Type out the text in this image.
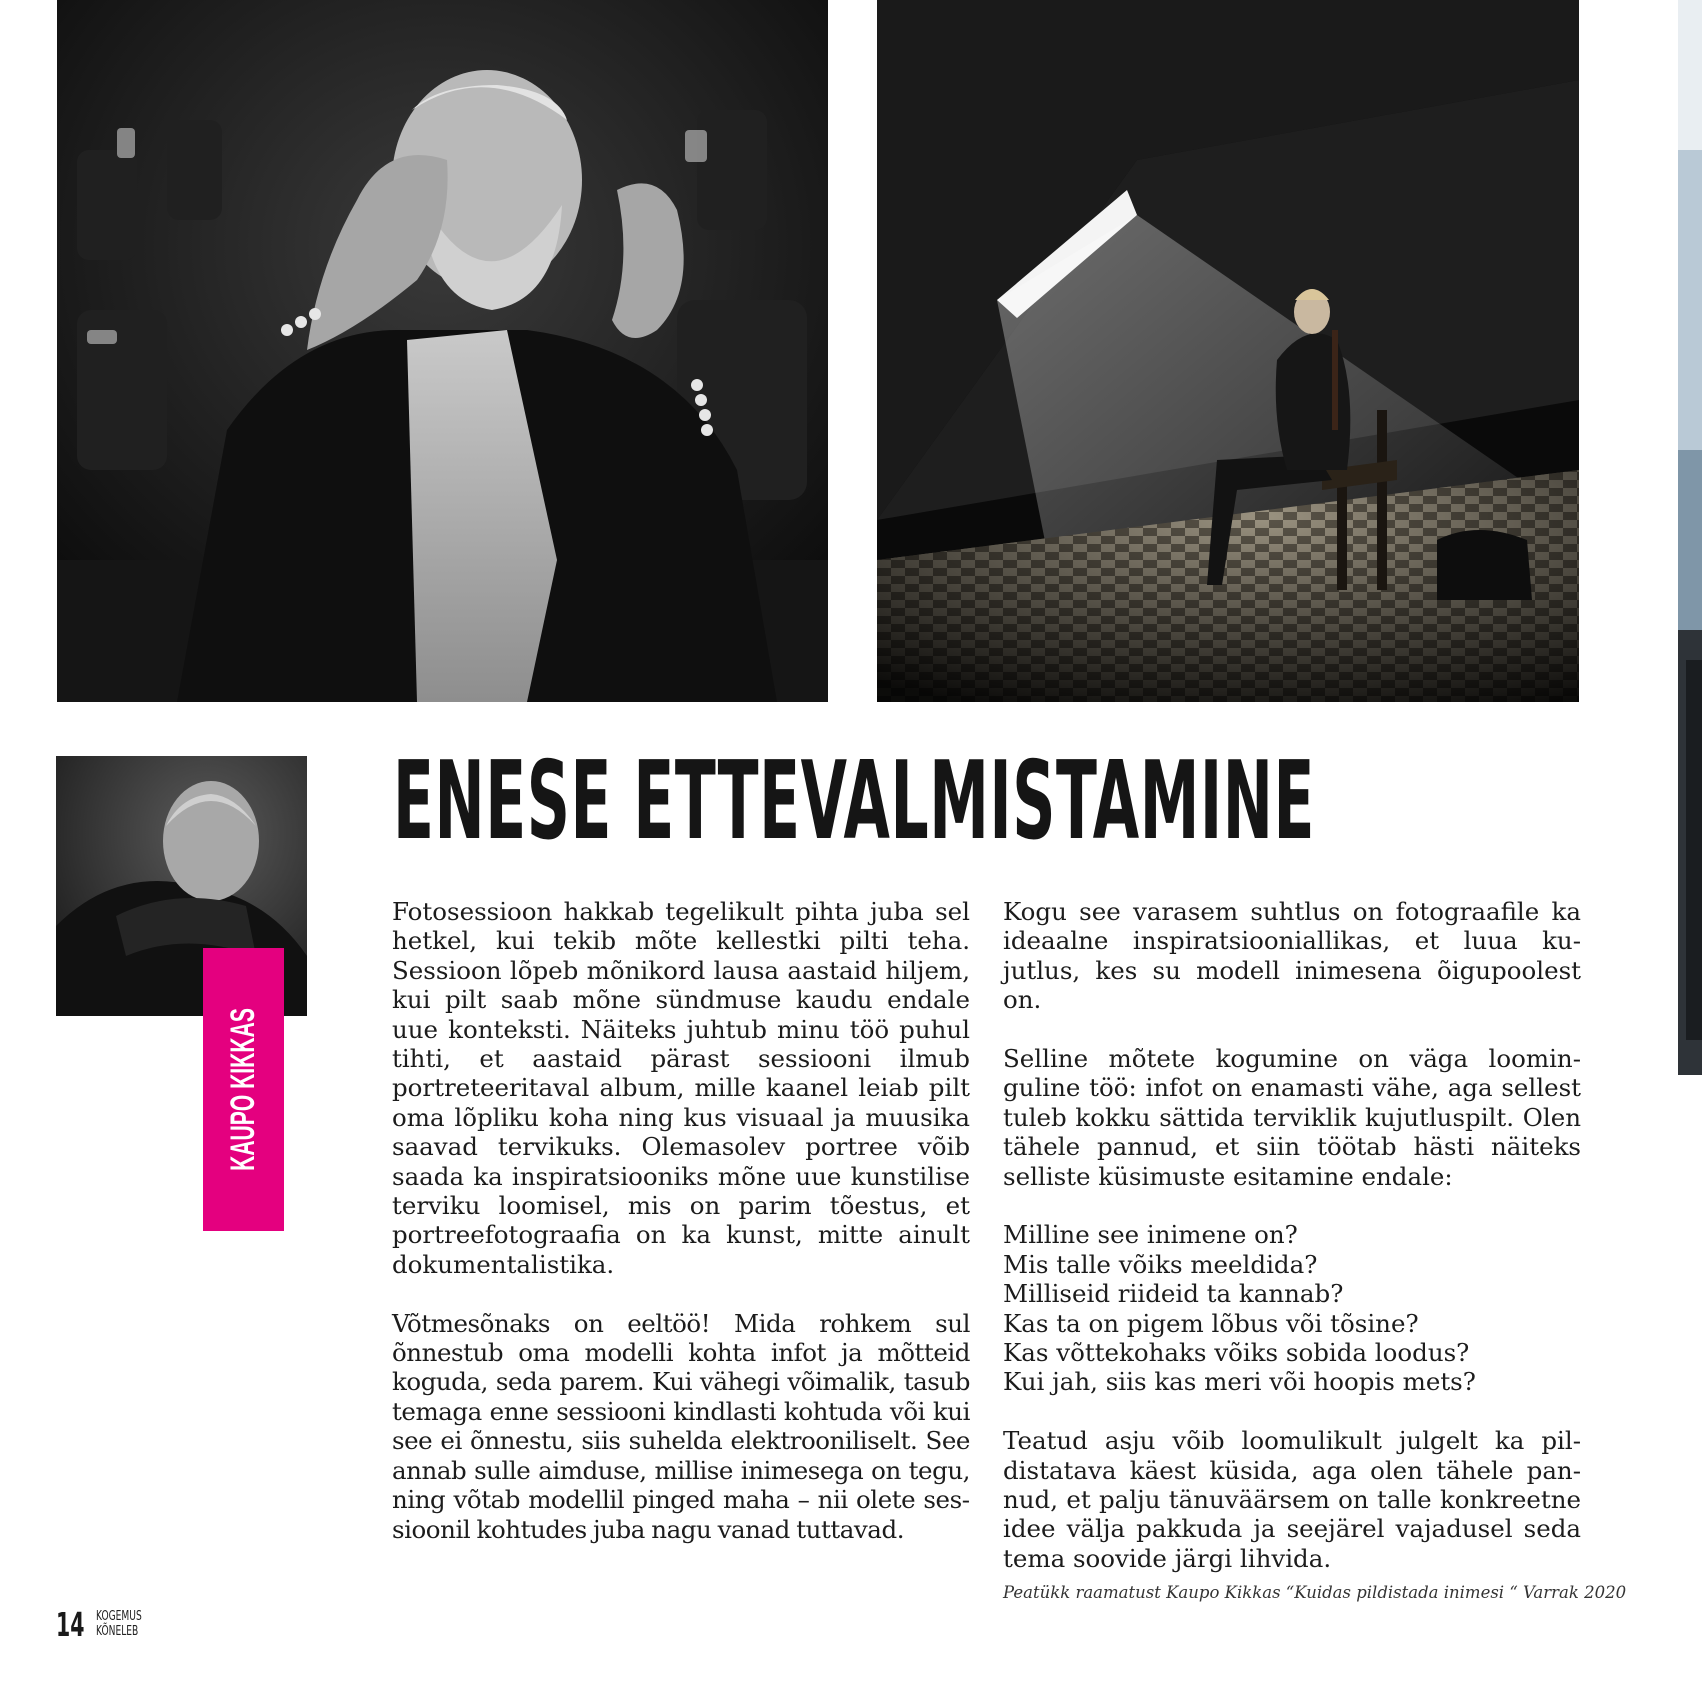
KAUPO KIKKAS
ENESE ETTEVALMISTAMINE

Fotosessioon hakkab tegelikult pihta juba sel hetkel, kui tekib mõte kellestki pilti teha. Sessioon lõpeb mõnikord lausa aastaid hiljem, kui pilt saab mõne sündmuse kaudu endale uue konteksti. Näiteks juhtub minu töö puhul tihti, et aastaid pärast sessiooni ilmub portreteeritaval album, mille kaanel leiab pilt oma lõpliku koha ning kus visuaal ja muusika saavad tervikuks. Olemasolev portree võib saada ka inspiratsiooniks mõne uue kunstilise terviku loomisel, mis on parim tõestus, et portreefotograafia on ka kunst, mitte ainult dokumentalistika.

Võtmesõnaks on eeltöö! Mida rohkem sul õnnestub oma modelli kohta infot ja mõtteid koguda, seda parem. Kui vähegi võimalik, tasub temaga enne sessiooni kindlasti kohtuda või kui see ei õnnestu, siis suhelda elektrooniliselt. See annab sulle aimduse, millise inimesega on tegu, ning võtab modellil pinged maha – nii olete sessioonil kohtudes juba nagu vanad tuttavad.

Kogu see varasem suhtlus on fotograafile ka ideaalne inspiratsiooniallikas, et luua kujutlus, kes su modell inimesena õigupoolest on.

Selline mõtete kogumine on väga loominguline töö: infot on enamasti vähe, aga sellest tuleb kokku sättida terviklik kujutluspilt. Olen tähele pannud, et siin töötab hästi näiteks selliste küsimuste esitamine endale:

Milline see inimene on?
Mis talle võiks meeldida?
Milliseid riideid ta kannab?
Kas ta on pigem lõbus või tõsine?
Kas võttekohaks võiks sobida loodus?
Kui jah, siis kas meri või hoopis mets?

Teatud asju võib loomulikult julgelt ka pildistatava käest küsida, aga olen tähele pannud, et palju tänuväärsem on talle konkreetne idee välja pakkuda ja seejärel vajadusel seda tema soovide järgi lihvida.

Peatükk raamatust Kaupo Kikkas “Kuidas pildistada inimesi “ Varrak 2020
14 KOGEMUS
KÕNELEB
